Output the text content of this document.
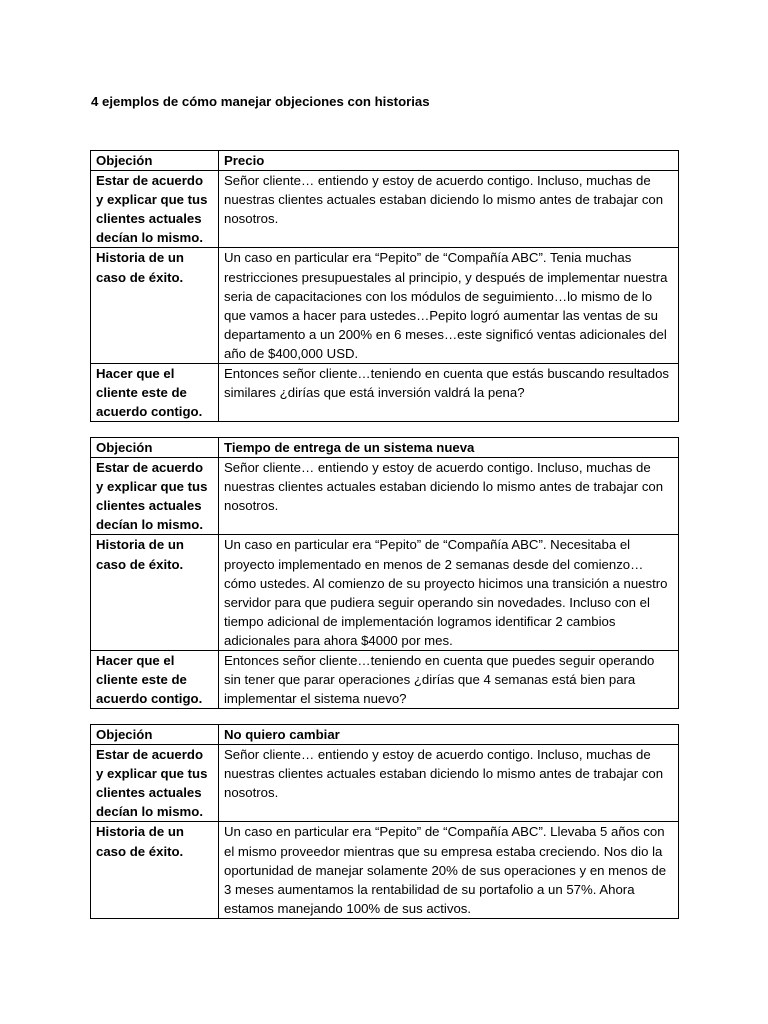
4 ejemplos de cómo manejar objeciones con historias
Objeción	Precio
Estar de acuerdo y explicar que tus clientes actuales decían lo mismo.	Señor cliente… entiendo y estoy de acuerdo contigo. Incluso, muchas de nuestras clientes actuales estaban diciendo lo mismo antes de trabajar con nosotros.
Historia de un caso de éxito.	Un caso en particular era “Pepito” de “Compañía ABC”. Tenia muchas restricciones presupuestales al principio, y después de implementar nuestra seria de capacitaciones con los módulos de seguimiento…lo mismo de lo que vamos a hacer para ustedes…Pepito logró aumentar las ventas de su departamento a un 200% en 6 meses…este significó ventas adicionales del año de $400,000 USD.
Hacer que el cliente este de acuerdo contigo.	Entonces señor cliente…teniendo en cuenta que estás buscando resultados similares ¿dirías que está inversión valdrá la pena?
Objeción	Tiempo de entrega de un sistema nueva
Estar de acuerdo y explicar que tus clientes actuales decían lo mismo.	Señor cliente… entiendo y estoy de acuerdo contigo. Incluso, muchas de nuestras clientes actuales estaban diciendo lo mismo antes de trabajar con nosotros.
Historia de un caso de éxito.	Un caso en particular era “Pepito” de “Compañía ABC”. Necesitaba el proyecto implementado en menos de 2 semanas desde del comienzo…cómo ustedes. Al comienzo de su proyecto hicimos una transición a nuestro servidor para que pudiera seguir operando sin novedades. Incluso con el tiempo adicional de implementación logramos identificar 2 cambios adicionales para ahora $4000 por mes.
Hacer que el cliente este de acuerdo contigo.	Entonces señor cliente…teniendo en cuenta que puedes seguir operando sin tener que parar operaciones ¿dirías que 4 semanas está bien para implementar el sistema nuevo?
Objeción	No quiero cambiar
Estar de acuerdo y explicar que tus clientes actuales decían lo mismo.	Señor cliente… entiendo y estoy de acuerdo contigo. Incluso, muchas de nuestras clientes actuales estaban diciendo lo mismo antes de trabajar con nosotros.
Historia de un caso de éxito.	Un caso en particular era “Pepito” de “Compañía ABC”. Llevaba 5 años con el mismo proveedor mientras que su empresa estaba creciendo. Nos dio la oportunidad de manejar solamente 20% de sus operaciones y en menos de 3 meses aumentamos la rentabilidad de su portafolio a un 57%. Ahora estamos manejando 100% de sus activos.
